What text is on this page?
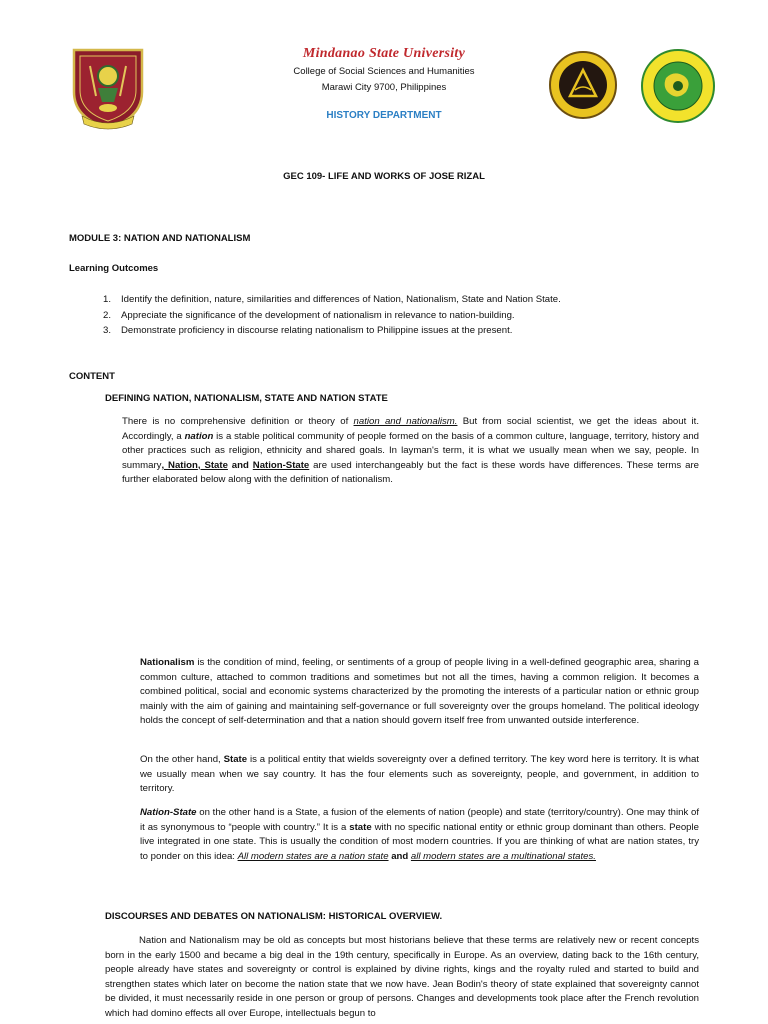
Mindanao State University
College of Social Sciences and Humanities
Marawi City 9700, Philippines
HISTORY DEPARTMENT
GEC 109- LIFE AND WORKS OF JOSE RIZAL
MODULE 3: NATION AND NATIONALISM
Learning Outcomes
1. Identify the definition, nature, similarities and differences of Nation, Nationalism, State and Nation State.
2. Appreciate the significance of the development of nationalism in relevance to nation-building.
3. Demonstrate proficiency in discourse relating nationalism to Philippine issues at the present.
CONTENT
DEFINING NATION, NATIONALISM, STATE AND NATION STATE
There is no comprehensive definition or theory of nation and nationalism. But from social scientist, we get the ideas about it. Accordingly, a nation is a stable political community of people formed on the basis of a common culture, language, territory, history and other practices such as religion, ethnicity and shared goals. In layman's term, it is what we usually mean when we say, people. In summary, Nation, State and Nation-State are used interchangeably but the fact is these words have differences. These terms are further elaborated below along with the definition of nationalism.
Nationalism is the condition of mind, feeling, or sentiments of a group of people living in a well-defined geographic area, sharing a common culture, attached to common traditions and sometimes but not all the times, having a common religion. It becomes a combined political, social and economic systems characterized by the promoting the interests of a particular nation or ethnic group mainly with the aim of gaining and maintaining self-governance or full sovereignty over the groups homeland. The political ideology holds the concept of self-determination and that a nation should govern itself free from unwanted outside interference.
On the other hand, State is a political entity that wields sovereignty over a defined territory. The key word here is territory. It is what we usually mean when we say country. It has the four elements such as sovereignty, people, and government, in addition to territory.
Nation-State on the other hand is a State, a fusion of the elements of nation (people) and state (territory/country). One may think of it as synonymous to “people with country.” It is a state with no specific national entity or ethnic group dominant than others. People live integrated in one state. This is usually the condition of most modern countries. If you are thinking of what are nation states, try to ponder on this idea: All modern states are a nation state and all modern states are a multinational states.
DISCOURSES AND DEBATES ON NATIONALISM: HISTORICAL OVERVIEW.
Nation and Nationalism may be old as concepts but most historians believe that these terms are relatively new or recent concepts born in the early 1500 and became a big deal in the 19th century, specifically in Europe. As an overview, dating back to the 16th century, people already have states and sovereignty or control is explained by divine rights, kings and the royalty ruled and started to build and strengthen states which later on become the nation state that we now have. Jean Bodin's theory of state explained that sovereignty cannot be divided, it must necessarily reside in one person or group of persons. Changes and developments took place after the French revolution which had domino effects all over Europe, intellectuals begun to
